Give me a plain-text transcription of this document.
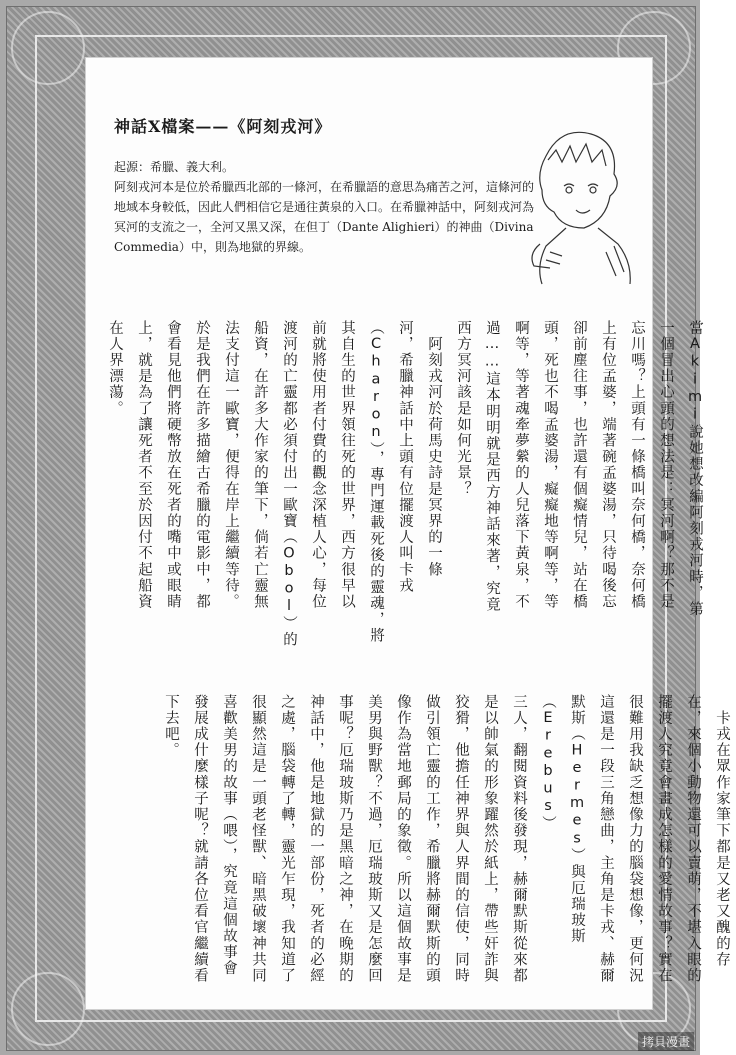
神話X檔案——《阿刻戎河》

起源：希臘、義大利。

阿刻戎河本是位於希臘西北部的一條河，在希臘語的意思為痛苦之河，這條河的地域本身較低，因此人們相信它是通往黃泉的入口。在希臘神話中，阿刻戎河為冥河的支流之一，全河又黑又深，在但丁（Dante Alighieri）的神曲（Divina Commedia）中，則為地獄的界線。

當Akimi說她想改編阿刻戎河時，第
一個冒出心頭的想法是：冥河啊？那不是
忘川嗎？上頭有一條橋叫奈何橋，奈何橋
上有位孟婆，端著碗孟婆湯，只待喝後忘
卻前塵往事，也許還有個癡情兒，站在橋
頭，死也不喝孟婆湯，癡癡地等啊等，等
啊等，等著魂牽夢縈的人兒落下黃泉，不
過……這本明明就是西方神話來著，究竟
西方冥河該是如何光景？
　阿刻戎河於荷馬史詩是冥界的一條
河，希臘神話中上頭有位擺渡人叫卡戎
（Charon），專門運載死後的靈魂，將
其自生的世界領往死的世界，西方很早以
前就將使用者付費的觀念深植人心，每位
渡河的亡靈都必須付出一歐寶（Obol）的
船資，在許多大作家的筆下，倘若亡靈無
法支付這一歐寶，便得在岸上繼續等待。
於是我們在許多描繪古希臘的電影中，都
會看見他們將硬幣放在死者的嘴中或眼睛
上，就是為了讓死者不至於因付不起船資
在人界漂蕩。

　卡戎在眾作家筆下都是又老又醜的存
在，來個小動物還可以賣萌，不堪入眼的
擺渡人究竟會畫成怎樣的愛情故事？實在
很難用我缺乏想像力的腦袋想像，更何況
這還是一段三角戀曲，主角是卡戎、赫爾
默斯（Hermes）與厄瑞玻斯（Erebus）
三人，翻閱資料後發現，赫爾默斯從來都
是以帥氣的形象躍然於紙上，帶些奸詐與
狡猾，他擔任神界與人界間的信使，同時
做引領亡靈的工作，希臘將赫爾默斯的頭
像作為當地郵局的象徵。所以這個故事是
美男與野獸？不過，厄瑞玻斯又是怎麼回
事呢？厄瑞玻斯乃是黑暗之神，在晚期的
神話中，他是地獄的一部份，死者的必經
之處，腦袋轉了轉，靈光乍現，我知道了
很顯然這是一頭老怪獸、暗黑破壞神共同
喜歡美男的故事（喂），究竟這個故事會
發展成什麼樣子呢？就請各位看官繼續看
下去吧。

拷貝漫畫
